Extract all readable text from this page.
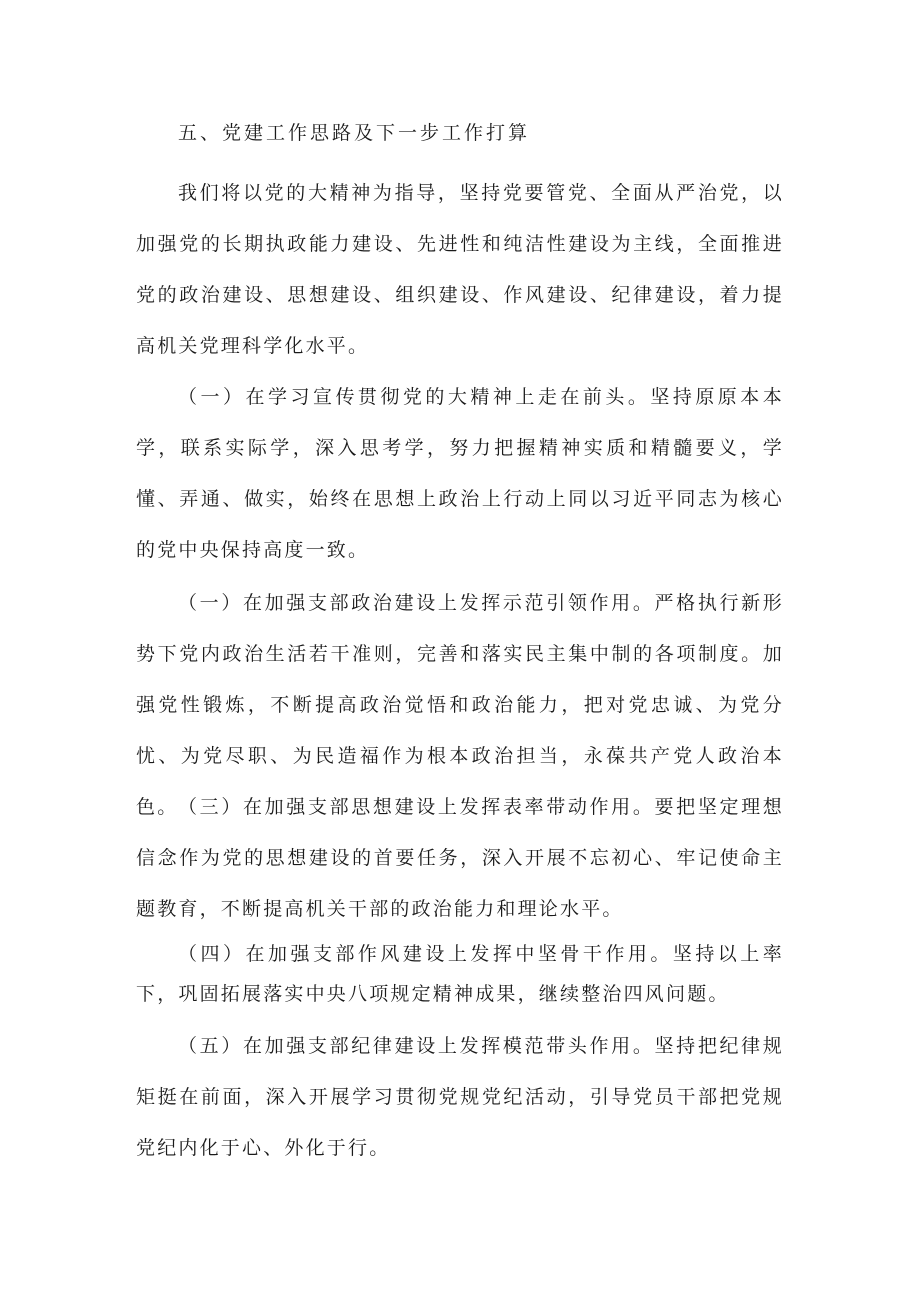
五、党建工作思路及下一步工作打算

我们将以党的大精神为指导，坚持党要管党、全面从严治党，以加强党的长期执政能力建设、先进性和纯洁性建设为主线，全面推进党的政治建设、思想建设、组织建设、作风建设、纪律建设，着力提高机关党理科学化水平。

（一）在学习宣传贯彻党的大精神上走在前头。坚持原原本本学，联系实际学，深入思考学，努力把握精神实质和精髓要义，学懂、弄通、做实，始终在思想上政治上行动上同以习近平同志为核心的党中央保持高度一致。

（一）在加强支部政治建设上发挥示范引领作用。严格执行新形势下党内政治生活若干准则，完善和落实民主集中制的各项制度。加强党性锻炼，不断提高政治觉悟和政治能力，把对党忠诚、为党分忧、为党尽职、为民造福作为根本政治担当，永葆共产党人政治本色。 （三）在加强支部思想建设上发挥表率带动作用。要把坚定理想信念作为党的思想建设的首要任务，深入开展不忘初心、牢记使命主题教育，不断提高机关干部的政治能力和理论水平。

（四）在加强支部作风建设上发挥中坚骨干作用。坚持以上率下，巩固拓展落实中央八项规定精神成果，继续整治四风问题。

（五）在加强支部纪律建设上发挥模范带头作用。坚持把纪律规矩挺在前面，深入开展学习贯彻党规党纪活动，引导党员干部把党规党纪内化于心、外化于行。
